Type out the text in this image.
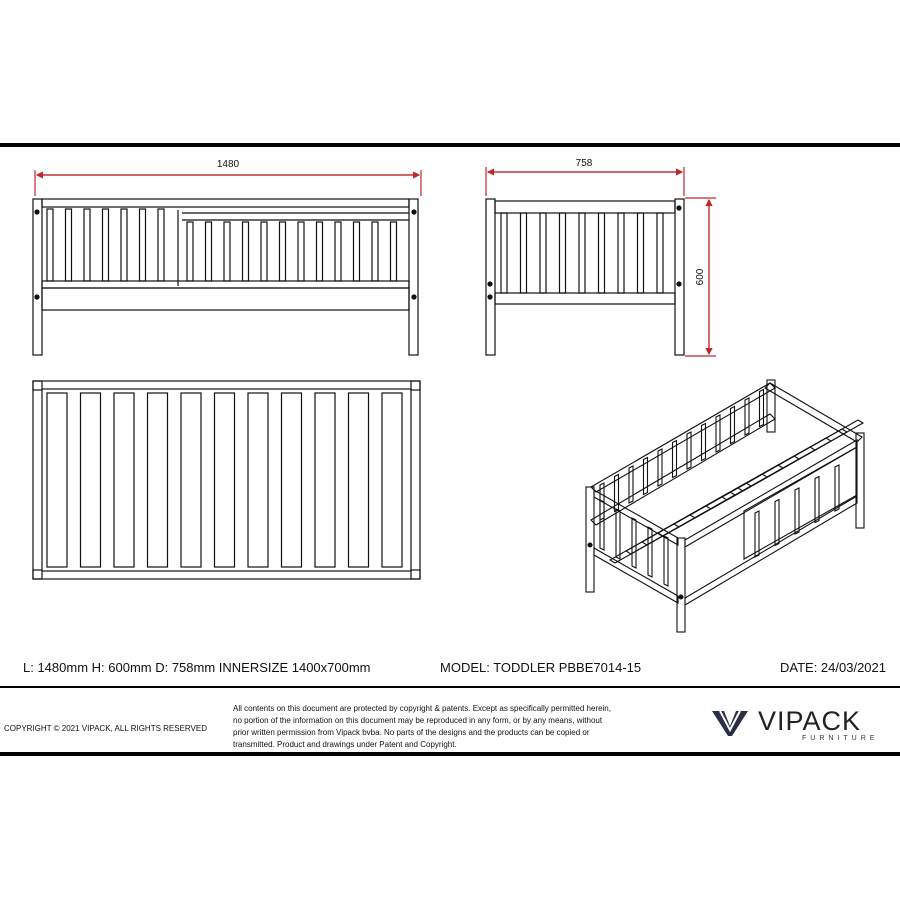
1480	758
600
L: 1480mm H: 600mm D: 758mm INNERSIZE 1400x700mm	MODEL: TODDLER PBBE7014-15	DATE: 24/03/2021
COPYRIGHT © 2021 VIPACK, ALL RIGHTS RESERVED
All contents on this document are protected by copyright & patents. Except as specifically permitted herein,
no portion of the information on this document may be reproduced in any form, or by any means, without
prior written permission from Vipack bvba. No parts of the designs and the products can be copied or
transmitted. Product and drawings under Patent and Copyright.
VIPACK
FURNITURE
